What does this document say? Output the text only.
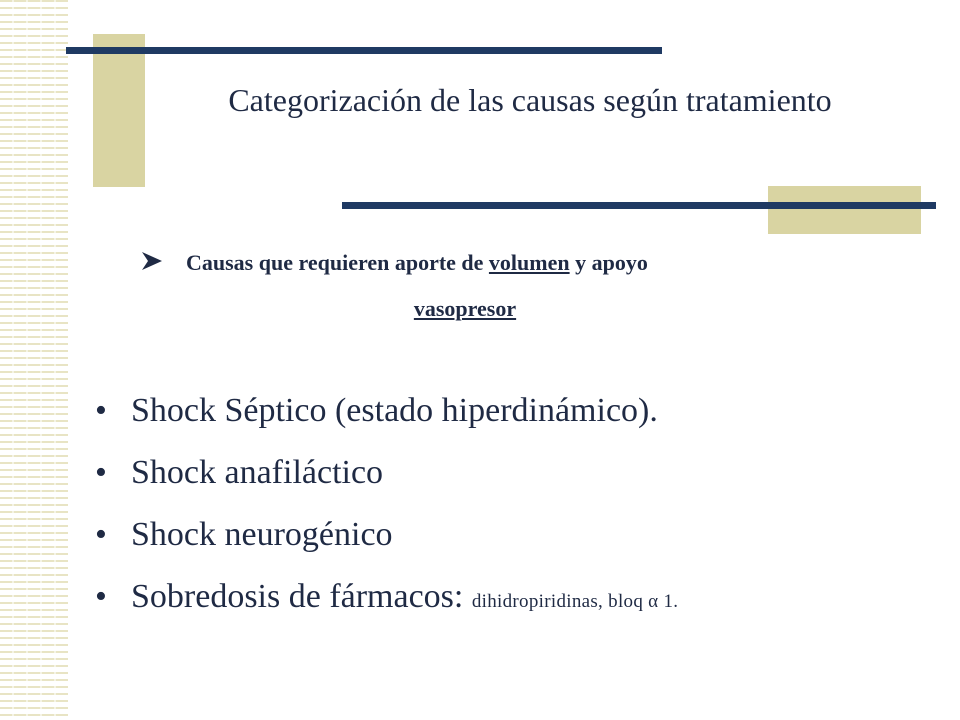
Categorización de las causas según tratamiento
Causas que requieren aporte de volumen y apoyo
vasopresor
• Shock Séptico (estado hiperdinámico).
• Shock anafiláctico
• Shock neurogénico
• Sobredosis de fármacos: dihidropiridinas, bloq α 1.
